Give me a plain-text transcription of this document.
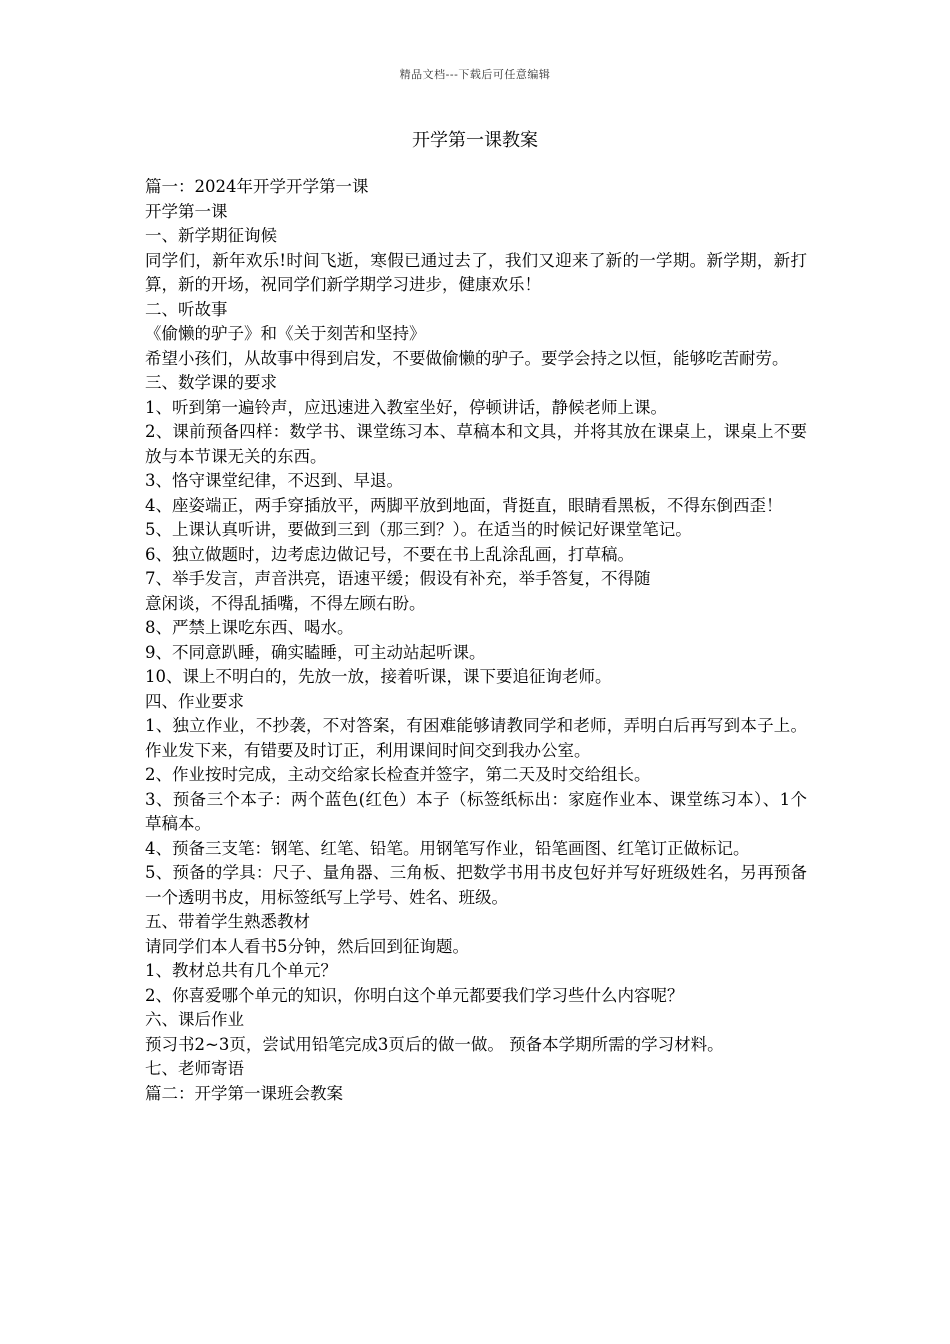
精品文档---下载后可任意编辑
开学第一课教案

篇一：2024年开学开学第一课

开学第一课

一、新学期征询候

同学们，新年欢乐!时间飞逝，寒假已通过去了，我们又迎来了新的一学期。新学期，新打算，新的开场，祝同学们新学期学习进步，健康欢乐！

二、听故事

《偷懒的驴子》和《关于刻苦和坚持》

希望小孩们，从故事中得到启发，不要做偷懒的驴子。要学会持之以恒，能够吃苦耐劳。

三、数学课的要求

1、听到第一遍铃声，应迅速进入教室坐好，停顿讲话，静候老师上课。

2、课前预备四样：数学书、课堂练习本、草稿本和文具，并将其放在课桌上，课桌上不要放与本节课无关的东西。

3、恪守课堂纪律，不迟到、早退。

4、座姿端正，两手穿插放平，两脚平放到地面，背挺直，眼睛看黑板，不得东倒西歪！

5、上课认真听讲，要做到三到（那三到？）。在适当的时候记好课堂笔记。

6、独立做题时，边考虑边做记号，不要在书上乱涂乱画，打草稿。

7、举手发言，声音洪亮，语速平缓；假设有补充，举手答复，不得随

意闲谈，不得乱插嘴，不得左顾右盼。

8、严禁上课吃东西、喝水。

9、不同意趴睡，确实瞌睡，可主动站起听课。

10、课上不明白的，先放一放，接着听课，课下要追征询老师。

四、作业要求

1、独立作业，不抄袭，不对答案，有困难能够请教同学和老师，弄明白后再写到本子上。作业发下来，有错要及时订正，利用课间时间交到我办公室。

2、作业按时完成，主动交给家长检查并签字，第二天及时交给组长。

3、预备三个本子：两个蓝色(红色）本子（标签纸标出：家庭作业本、课堂练习本）、1个草稿本。

4、预备三支笔：钢笔、红笔、铅笔。用钢笔写作业，铅笔画图、红笔订正做标记。

5、预备的学具：尺子、量角器、三角板、把数学书用书皮包好并写好班级姓名，另再预备一个透明书皮，用标签纸写上学号、姓名、班级。

五、带着学生熟悉教材

请同学们本人看书5分钟，然后回到征询题。

1、教材总共有几个单元？

2、你喜爱哪个单元的知识，你明白这个单元都要我们学习些什么内容呢？

六、课后作业

预习书2~3页，尝试用铅笔完成3页后的做一做。 预备本学期所需的学习材料。

七、老师寄语

篇二：开学第一课班会教案
